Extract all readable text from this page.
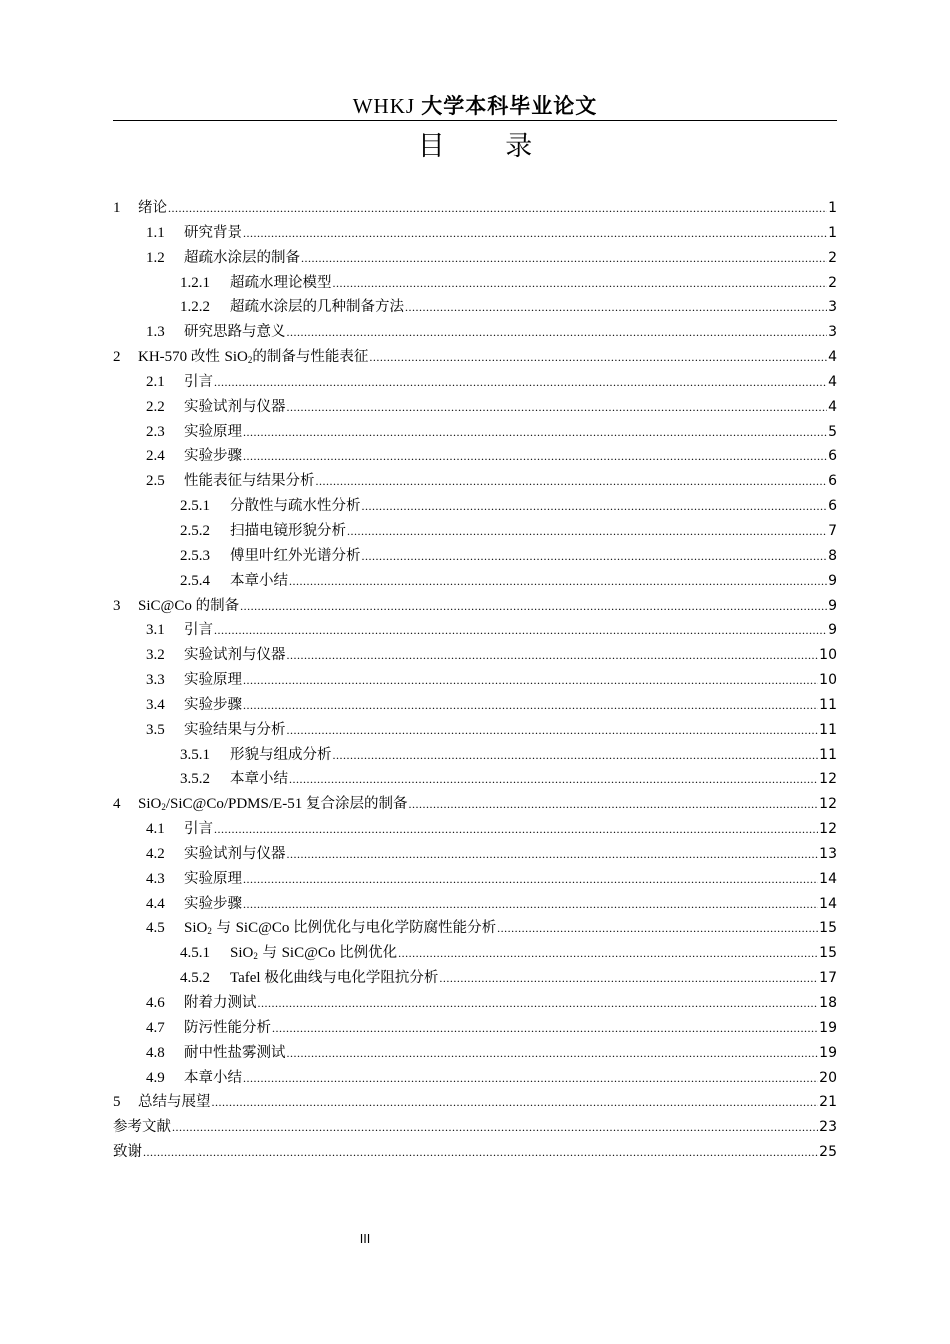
WHKJ 大学本科毕业论文
目 录
1	绪论 .....	1
1.1	研究背景 .....	1
1.2	超疏水涂层的制备 .....	2
1.2.1	超疏水理论模型 .....	2
1.2.2	超疏水涂层的几种制备方法 .....	3
1.3	研究思路与意义 .....	3
2	KH-570 改性 SiO$_2$的制备与性能表征 .....	4
2.1	引言 .....	4
2.2	实验试剂与仪器 .....	4
2.3	实验原理 .....	5
2.4	实验步骤 .....	6
2.5	性能表征与结果分析 .....	6
2.5.1	分散性与疏水性分析 .....	6
2.5.2	扫描电镜形貌分析 .....	7
2.5.3	傅里叶红外光谱分析 .....	8
2.5.4	本章小结 .....	9
3	SiC@Co 的制备 .....	9
3.1	引言 .....	9
3.2	实验试剂与仪器 .....	10
3.3	实验原理 .....	10
3.4	实验步骤 .....	11
3.5	实验结果与分析 .....	11
3.5.1	形貌与组成分析 .....	11
3.5.2	本章小结 .....	12
4	SiO$_2$/SiC@Co/PDMS/E-51 复合涂层的制备 .....	12
4.1	引言 .....	12
4.2	实验试剂与仪器 .....	13
4.3	实验原理 .....	14
4.4	实验步骤 .....	14
4.5	SiO$_2$ 与 SiC@Co 比例优化与电化学防腐性能分析 .....	15
4.5.1	SiO$_2$ 与 SiC@Co 比例优化 .....	15
4.5.2	Tafel 极化曲线与电化学阻抗分析 .....	17
4.6	附着力测试 .....	18
4.7	防污性能分析 .....	19
4.8	耐中性盐雾测试 .....	19
4.9	本章小结 .....	20
5	总结与展望 .....	21
参考文献 .....	23
致谢 .....	25
III
